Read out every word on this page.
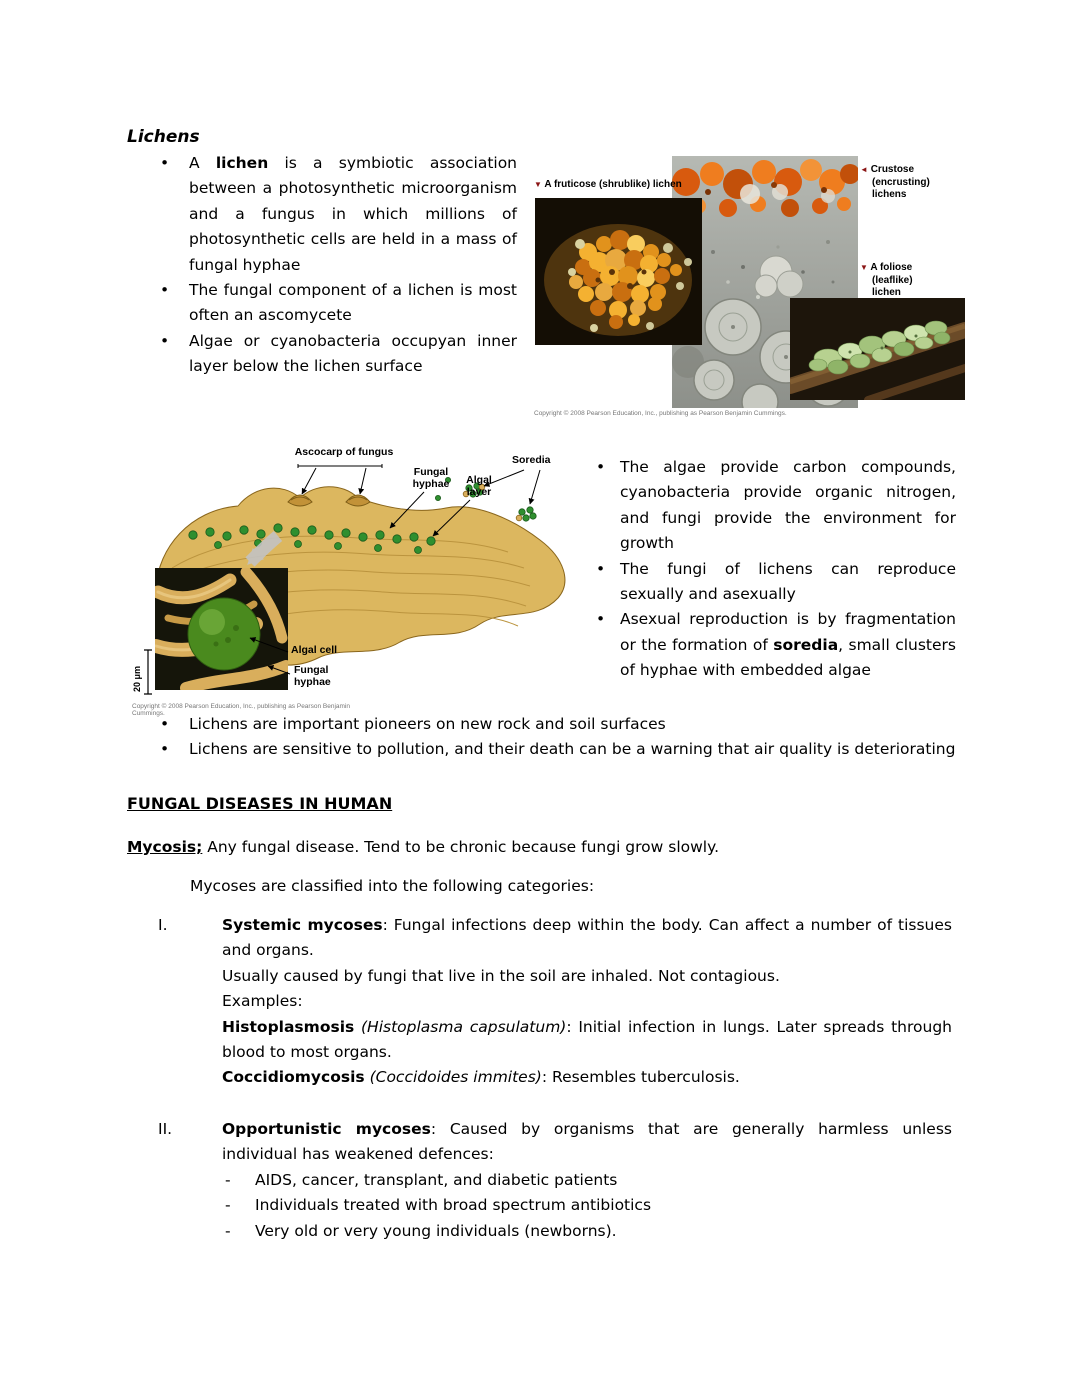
Lichens
•	A lichen is a symbiotic association between a photosynthetic microorganism and a fungus in which millions of photosynthetic cells are held in a mass of fungal hyphae
•	The fungal component of a lichen is most often an ascomycete
•	Algae or cyanobacteria occupyan inner layer below the lichen surface
▼ A fruticose (shrublike) lichen
◄ Crustose
(encrusting)
lichens
▼ A foliose
(leaflike)
lichen
Copyright © 2008 Pearson Education, Inc., publishing as Pearson Benjamin Cummings.
Ascocarp of fungus
Fungal
hyphae	Algal
layer
Soredia
Algal cell
Fungal
hyphae
20 μm
Copyright © 2008 Pearson Education, Inc., publishing as Pearson Benjamin Cummings.
• The algae provide carbon compounds, cyanobacteria provide organic nitrogen, and fungi provide the environment for growth
• The fungi of lichens can reproduce sexually and asexually
• Asexual reproduction is by fragmentation or the formation of soredia, small clusters of hyphae with embedded algae
•	Lichens are important pioneers on new rock and soil surfaces
•	Lichens are sensitive to pollution, and their death can be a warning that air quality is deteriorating
FUNGAL DISEASES IN HUMAN

Mycosis; Any fungal disease. Tend to be chronic because fungi grow slowly.

Mycoses are classified into the following categories:

I.	Systemic mycoses: Fungal infections deep within the body. Can affect a number of tissues and organs.

Usually caused by fungi that live in the soil are inhaled. Not contagious.

Examples:

Histoplasmosis (Histoplasma capsulatum): Initial infection in lungs. Later spreads through blood to most organs.

Coccidiomycosis (Coccidoides immites): Resembles tuberculosis.

II.	Opportunistic mycoses: Caused by organisms that are generally harmless unless individual has weakened defences:

-	AIDS, cancer, transplant, and diabetic patients
-	Individuals treated with broad spectrum antibiotics
-	Very old or very young individuals (newborns).
